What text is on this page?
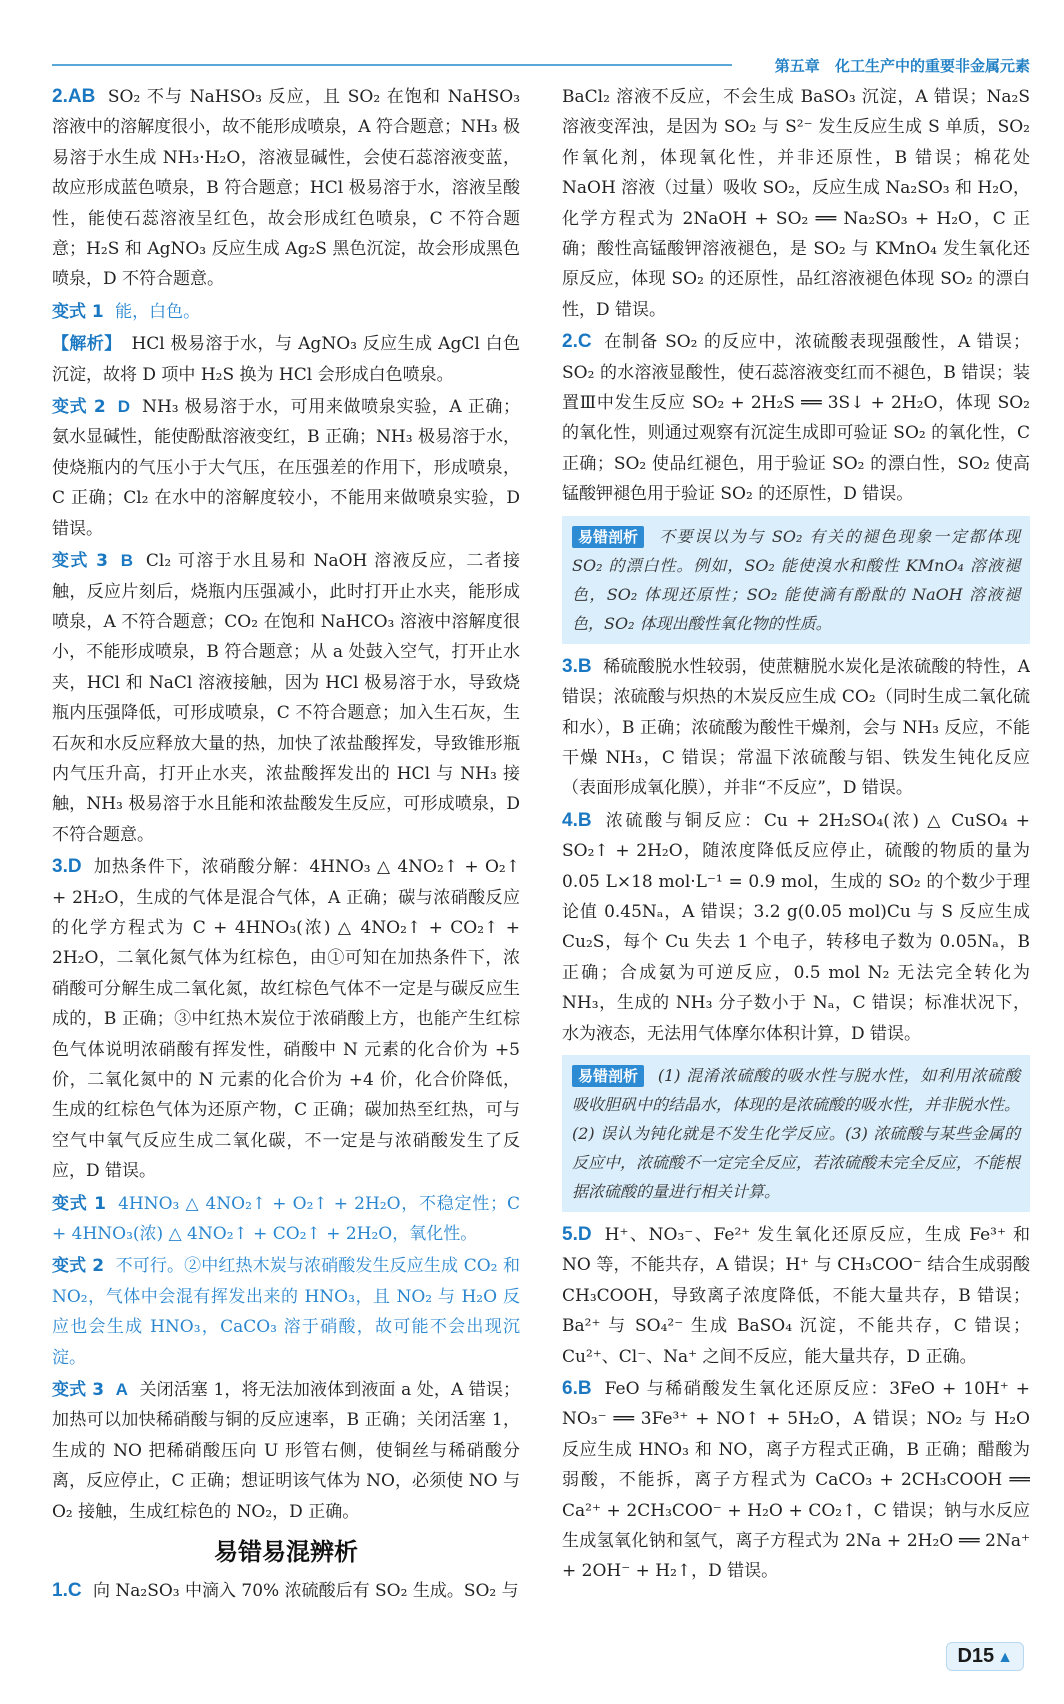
第五章 化工生产中的重要非金属元素

2.AB SO₂ 不与 NaHSO₃ 反应，且 SO₂ 在饱和 NaHSO₃ 溶液中的溶解度很小，故不能形成喷泉，A 符合题意；NH₃ 极易溶于水生成 NH₃·H₂O，溶液显碱性，会使石蕊溶液变蓝，故应形成蓝色喷泉，B 符合题意；HCl 极易溶于水，溶液呈酸性，能使石蕊溶液呈红色，故会形成红色喷泉，C 不符合题意；H₂S 和 AgNO₃ 反应生成 Ag₂S 黑色沉淀，故会形成黑色喷泉，D 不符合题意。

变式 1 能，白色。

【解析】 HCl 极易溶于水，与 AgNO₃ 反应生成 AgCl 白色沉淀，故将 D 项中 H₂S 换为 HCl 会形成白色喷泉。

变式 2 D NH₃ 极易溶于水，可用来做喷泉实验，A 正确；氨水显碱性，能使酚酞溶液变红，B 正确；NH₃ 极易溶于水，使烧瓶内的气压小于大气压，在压强差的作用下，形成喷泉，C 正确；Cl₂ 在水中的溶解度较小，不能用来做喷泉实验，D 错误。

变式 3 B Cl₂ 可溶于水且易和 NaOH 溶液反应，二者接触，反应片刻后，烧瓶内压强减小，此时打开止水夹，能形成喷泉，A 不符合题意；CO₂ 在饱和 NaHCO₃ 溶液中溶解度很小，不能形成喷泉，B 符合题意；从 a 处鼓入空气，打开止水夹，HCl 和 NaCl 溶液接触，因为 HCl 极易溶于水，导致烧瓶内压强降低，可形成喷泉，C 不符合题意；加入生石灰，生石灰和水反应释放大量的热，加快了浓盐酸挥发，导致锥形瓶内气压升高，打开止水夹，浓盐酸挥发出的 HCl 与 NH₃ 接触，NH₃ 极易溶于水且能和浓盐酸发生反应，可形成喷泉，D 不符合题意。

3.D 加热条件下，浓硝酸分解：4HNO₃ △ 4NO₂↑ + O₂↑ + 2H₂O，生成的气体是混合气体，A 正确；碳与浓硝酸反应的化学方程式为 C + 4HNO₃(浓) △ 4NO₂↑ + CO₂↑ + 2H₂O，二氧化氮气体为红棕色，由①可知在加热条件下，浓硝酸可分解生成二氧化氮，故红棕色气体不一定是与碳反应生成的，B 正确；③中红热木炭位于浓硝酸上方，也能产生红棕色气体说明浓硝酸有挥发性，硝酸中 N 元素的化合价为 +5 价，二氧化氮中的 N 元素的化合价为 +4 价，化合价降低，生成的红棕色气体为还原产物，C 正确；碳加热至红热，可与空气中氧气反应生成二氧化碳，不一定是与浓硝酸发生了反应，D 错误。

变式 1 4HNO₃ △ 4NO₂↑ + O₂↑ + 2H₂O，不稳定性；C + 4HNO₃(浓) △ 4NO₂↑ + CO₂↑ + 2H₂O，氧化性。

变式 2 不可行。②中红热木炭与浓硝酸发生反应生成 CO₂ 和 NO₂，气体中会混有挥发出来的 HNO₃，且 NO₂ 与 H₂O 反应也会生成 HNO₃，CaCO₃ 溶于硝酸，故可能不会出现沉淀。

变式 3 A 关闭活塞 1，将无法加液体到液面 a 处，A 错误；加热可以加快稀硝酸与铜的反应速率，B 正确；关闭活塞 1，生成的 NO 把稀硝酸压向 U 形管右侧，使铜丝与稀硝酸分离，反应停止，C 正确；想证明该气体为 NO，必须使 NO 与 O₂ 接触，生成红棕色的 NO₂，D 正确。

易错易混辨析

1.C 向 Na₂SO₃ 中滴入 70% 浓硫酸后有 SO₂ 生成。SO₂ 与

BaCl₂ 溶液不反应，不会生成 BaSO₃ 沉淀，A 错误；Na₂S 溶液变浑浊，是因为 SO₂ 与 S²⁻ 发生反应生成 S 单质，SO₂ 作氧化剂，体现氧化性，并非还原性，B 错误；棉花处 NaOH 溶液（过量）吸收 SO₂，反应生成 Na₂SO₃ 和 H₂O，化学方程式为 2NaOH + SO₂ ══ Na₂SO₃ + H₂O，C 正确；酸性高锰酸钾溶液褪色，是 SO₂ 与 KMnO₄ 发生氧化还原反应，体现 SO₂ 的还原性，品红溶液褪色体现 SO₂ 的漂白性，D 错误。

2.C 在制备 SO₂ 的反应中，浓硫酸表现强酸性，A 错误；SO₂ 的水溶液显酸性，使石蕊溶液变红而不褪色，B 错误；装置Ⅲ中发生反应 SO₂ + 2H₂S ══ 3S↓ + 2H₂O，体现 SO₂ 的氧化性，则通过观察有沉淀生成即可验证 SO₂ 的氧化性，C 正确；SO₂ 使品红褪色，用于验证 SO₂ 的漂白性，SO₂ 使高锰酸钾褪色用于验证 SO₂ 的还原性，D 错误。

易错剖析 不要误以为与 SO₂ 有关的褪色现象一定都体现 SO₂ 的漂白性。例如，SO₂ 能使溴水和酸性 KMnO₄ 溶液褪色，SO₂ 体现还原性；SO₂ 能使滴有酚酞的 NaOH 溶液褪色，SO₂ 体现出酸性氧化物的性质。

3.B 稀硫酸脱水性较弱，使蔗糖脱水炭化是浓硫酸的特性，A 错误；浓硫酸与炽热的木炭反应生成 CO₂（同时生成二氧化硫和水），B 正确；浓硫酸为酸性干燥剂，会与 NH₃ 反应，不能干燥 NH₃，C 错误；常温下浓硫酸与铝、铁发生钝化反应（表面形成氧化膜），并非“不反应”，D 错误。

4.B 浓硫酸与铜反应：Cu + 2H₂SO₄(浓) △ CuSO₄ + SO₂↑ + 2H₂O，随浓度降低反应停止，硫酸的物质的量为 0.05 L×18 mol·L⁻¹ = 0.9 mol，生成的 SO₂ 的个数少于理论值 0.45Nₐ，A 错误；3.2 g(0.05 mol)Cu 与 S 反应生成 Cu₂S，每个 Cu 失去 1 个电子，转移电子数为 0.05Nₐ，B 正确；合成氨为可逆反应，0.5 mol N₂ 无法完全转化为 NH₃，生成的 NH₃ 分子数小于 Nₐ，C 错误；标准状况下，水为液态，无法用气体摩尔体积计算，D 错误。

易错剖析 (1) 混淆浓硫酸的吸水性与脱水性，如利用浓硫酸吸收胆矾中的结晶水，体现的是浓硫酸的吸水性，并非脱水性。(2) 误认为钝化就是不发生化学反应。(3) 浓硫酸与某些金属的反应中，浓硫酸不一定完全反应，若浓硫酸未完全反应，不能根据浓硫酸的量进行相关计算。

5.D H⁺、NO₃⁻、Fe²⁺ 发生氧化还原反应，生成 Fe³⁺ 和 NO 等，不能共存，A 错误；H⁺ 与 CH₃COO⁻ 结合生成弱酸 CH₃COOH，导致离子浓度降低，不能大量共存，B 错误；Ba²⁺ 与 SO₄²⁻ 生成 BaSO₄ 沉淀，不能共存，C 错误；Cu²⁺、Cl⁻、Na⁺ 之间不反应，能大量共存，D 正确。

6.B FeO 与稀硝酸发生氧化还原反应：3FeO + 10H⁺ + NO₃⁻ ══ 3Fe³⁺ + NO↑ + 5H₂O，A 错误；NO₂ 与 H₂O 反应生成 HNO₃ 和 NO，离子方程式正确，B 正确；醋酸为弱酸，不能拆，离子方程式为 CaCO₃ + 2CH₃COOH ══ Ca²⁺ + 2CH₃COO⁻ + H₂O + CO₂↑，C 错误；钠与水反应生成氢氧化钠和氢气，离子方程式为 2Na + 2H₂O ══ 2Na⁺ + 2OH⁻ + H₂↑，D 错误。

D15 ▲
